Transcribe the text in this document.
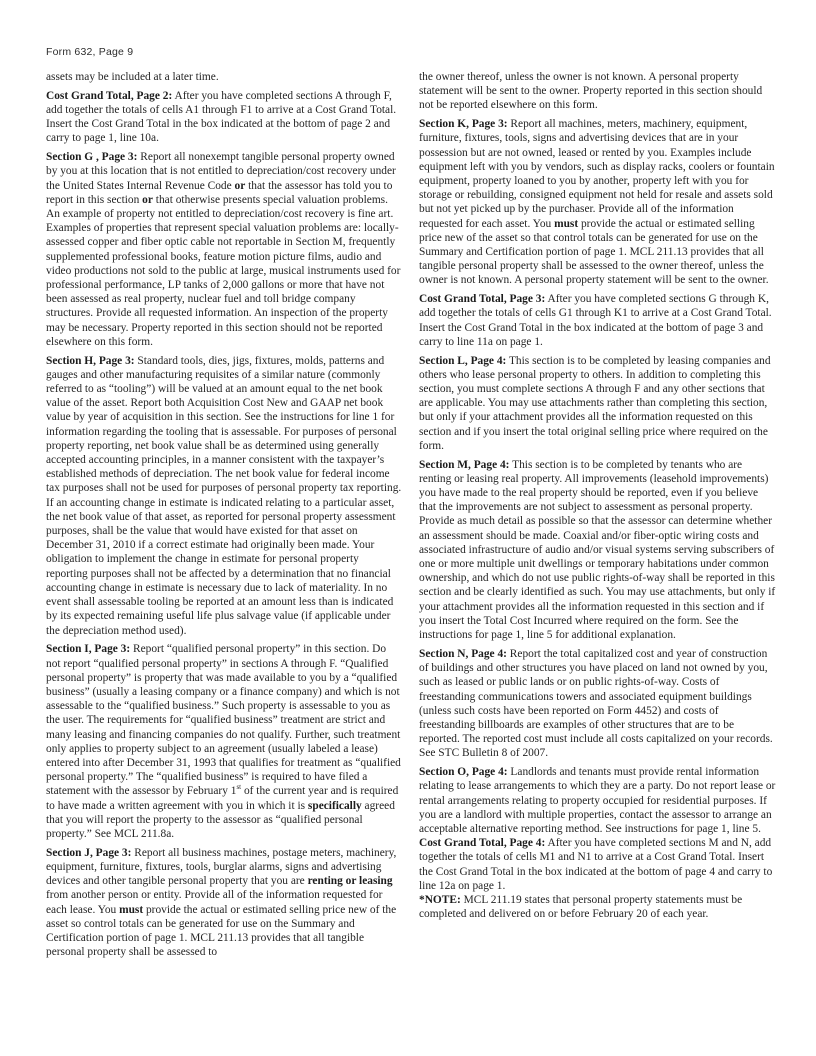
Form 632, Page 9

assets may be included at a later time.

Cost Grand Total, Page 2: After you have completed sections A through F, add together the totals of cells A1 through F1 to arrive at a Cost Grand Total. Insert the Cost Grand Total in the box indicated at the bottom of page 2 and carry to page 1, line 10a.

Section G , Page 3: Report all nonexempt tangible personal property owned by you at this location that is not entitled to depreciation/cost recovery under the United States Internal Revenue Code or that the assessor has told you to report in this section or that otherwise presents special valuation problems. An example of property not entitled to depreciation/cost recovery is fine art. Examples of properties that represent special valuation problems are: locally-assessed copper and fiber optic cable not reportable in Section M, frequently supplemented professional books, feature motion picture films, audio and video productions not sold to the public at large, musical instruments used for professional performance, LP tanks of 2,000 gallons or more that have not been assessed as real property, nuclear fuel and toll bridge company structures. Provide all requested information. An inspection of the property may be necessary. Property reported in this section should not be reported elsewhere on this form.

Section H, Page 3: Standard tools, dies, jigs, fixtures, molds, patterns and gauges and other manufacturing requisites of a similar nature (commonly referred to as “tooling”) will be valued at an amount equal to the net book value of the asset. Report both Acquisition Cost New and GAAP net book value by year of acquisition in this section. See the instructions for line 1 for information regarding the tooling that is assessable. For purposes of personal property reporting, net book value shall be as determined using generally accepted accounting principles, in a manner consistent with the taxpayer’s established methods of depreciation. The net book value for federal income tax purposes shall not be used for purposes of personal property tax reporting. If an accounting change in estimate is indicated relating to a particular asset, the net book value of that asset, as reported for personal property assessment purposes, shall be the value that would have existed for that asset on December 31, 2010 if a correct estimate had originally been made. Your obligation to implement the change in estimate for personal property reporting purposes shall not be affected by a determination that no financial accounting change in estimate is necessary due to lack of materiality. In no event shall assessable tooling be reported at an amount less than is indicated by its expected remaining useful life plus salvage value (if applicable under the depreciation method used).

Section I, Page 3: Report “qualified personal property” in this section. Do not report “qualified personal property” in sections A through F. “Qualified personal property” is property that was made available to you by a “qualified business” (usually a leasing company or a finance company) and which is not assessable to the “qualified business.” Such property is assessable to you as the user. The requirements for “qualified business” treatment are strict and many leasing and financing companies do not qualify. Further, such treatment only applies to property subject to an agreement (usually labeled a lease) entered into after December 31, 1993 that qualifies for treatment as “qualified personal property.” The “qualified business” is required to have filed a statement with the assessor by February 1st of the current year and is required to have made a written agreement with you in which it is specifically agreed that you will report the property to the assessor as “qualified personal property.” See MCL 211.8a.

Section J, Page 3: Report all business machines, postage meters, machinery, equipment, furniture, fixtures, tools, burglar alarms, signs and advertising devices and other tangible personal property that you are renting or leasing from another person or entity. Provide all of the information requested for each lease. You must provide the actual or estimated selling price new of the asset so control totals can be generated for use on the Summary and Certification portion of page 1. MCL 211.13 provides that all tangible personal property shall be assessed to

the owner thereof, unless the owner is not known. A personal property statement will be sent to the owner. Property reported in this section should not be reported elsewhere on this form.

Section K, Page 3: Report all machines, meters, machinery, equipment, furniture, fixtures, tools, signs and advertising devices that are in your possession but are not owned, leased or rented by you. Examples include equipment left with you by vendors, such as display racks, coolers or fountain equipment, property loaned to you by another, property left with you for storage or rebuilding, consigned equipment not held for resale and assets sold but not yet picked up by the purchaser. Provide all of the information requested for each asset. You must provide the actual or estimated selling price new of the asset so that control totals can be generated for use on the Summary and Certification portion of page 1. MCL 211.13 provides that all tangible personal property shall be assessed to the owner thereof, unless the owner is not known. A personal property statement will be sent to the owner.

Cost Grand Total, Page 3: After you have completed sections G through K, add together the totals of cells G1 through K1 to arrive at a Cost Grand Total. Insert the Cost Grand Total in the box indicated at the bottom of page 3 and carry to line 11a on page 1.

Section L, Page 4: This section is to be completed by leasing companies and others who lease personal property to others. In addition to completing this section, you must complete sections A through F and any other sections that are applicable. You may use attachments rather than completing this section, but only if your attachment provides all the information requested on this section and if you insert the total original selling price where required on the form.

Section M, Page 4: This section is to be completed by tenants who are renting or leasing real property. All improvements (leasehold improvements) you have made to the real property should be reported, even if you believe that the improvements are not subject to assessment as personal property. Provide as much detail as possible so that the assessor can determine whether an assessment should be made. Coaxial and/or fiber-optic wiring costs and associated infrastructure of audio and/or visual systems serving subscribers of one or more multiple unit dwellings or temporary habitations under common ownership, and which do not use public rights-of-way shall be reported in this section and be clearly identified as such. You may use attachments, but only if your attachment provides all the information requested in this section and if you insert the Total Cost Incurred where required on the form. See the instructions for page 1, line 5 for additional explanation.

Section N, Page 4: Report the total capitalized cost and year of construction of buildings and other structures you have placed on land not owned by you, such as leased or public lands or on public rights-of-way. Costs of freestanding communications towers and associated equipment buildings (unless such costs have been reported on Form 4452) and costs of freestanding billboards are examples of other structures that are to be reported. The reported cost must include all costs capitalized on your records. See STC Bulletin 8 of 2007.

Section O, Page 4: Landlords and tenants must provide rental information relating to lease arrangements to which they are a party. Do not report lease or rental arrangements relating to property occupied for residential purposes. If you are a landlord with multiple properties, contact the assessor to arrange an acceptable alternative reporting method. See instructions for page 1, line 5.

Cost Grand Total, Page 4: After you have completed sections M and N, add together the totals of cells M1 and N1 to arrive at a Cost Grand Total. Insert the Cost Grand Total in the box indicated at the bottom of page 4 and carry to line 12a on page 1.

*NOTE: MCL 211.19 states that personal property statements must be completed and delivered on or before February 20 of each year.
